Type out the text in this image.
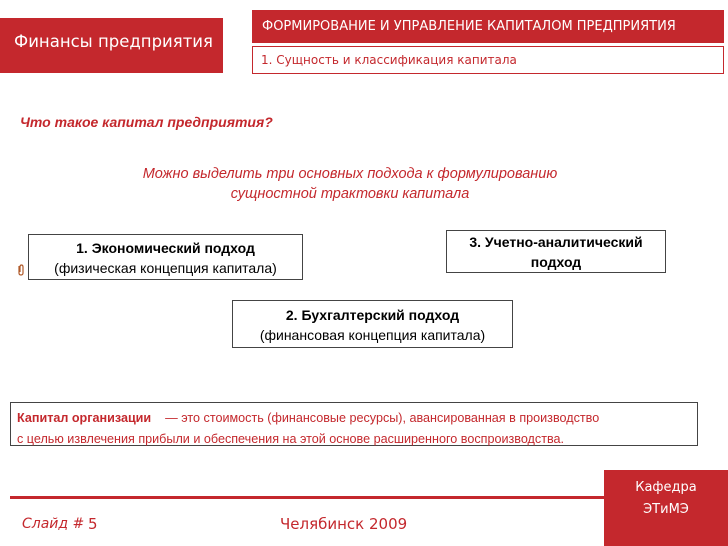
Финансы предприятия
ФОРМИРОВАНИЕ И УПРАВЛЕНИЕ КАПИТАЛОМ ПРЕДПРИЯТИЯ
1. Сущность и классификация капитала
Что такое капитал предприятия?
Можно выделить три основных подхода к формулированию
сущностной трактовки капитала
1. Экономический подход
(физическая концепция капитала)
2. Бухгалтерский подход
(финансовая концепция капитала)
3. Учетно-аналитический
подход
Капитал организации — это стоимость (финансовые ресурсы), авансированная в производство
с целью извлечения прибыли и обеспечения на этой основе расширенного воспроизводства.
Слайд # 5	Челябинск 2009
Кафедра
ЭТиМЭ
